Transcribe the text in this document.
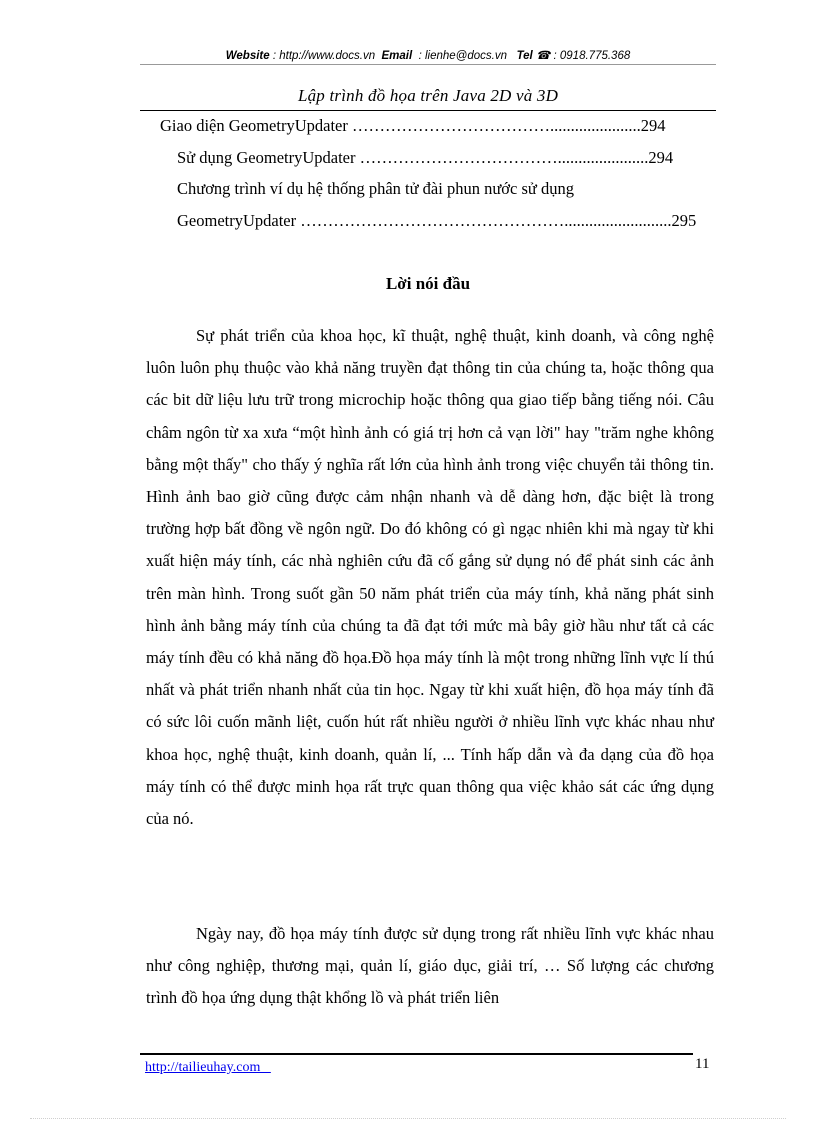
Website : http://www.docs.vn Email : lienhe@docs.vn Tel ☎ : 0918.775.368
Lập trình đồ họa trên Java 2D và 3D
Giao diện GeometryUpdater ………………………………......................294
Sử dụng GeometryUpdater ………………………………......................294
Chương trình ví dụ hệ thống phân tử đài phun nước sử dụng
GeometryUpdater …………………………………………..........................295
Lời nói đầu
Sự phát triển của khoa học, kĩ thuật, nghệ thuật, kinh doanh, và công nghệ luôn luôn phụ thuộc vào khả năng truyền đạt thông tin của chúng ta, hoặc thông qua các bit dữ liệu lưu trữ trong microchip hoặc thông qua giao tiếp bằng tiếng nói. Câu châm ngôn từ xa xưa “một hình ảnh có giá trị hơn cả vạn lời" hay "trăm nghe không bằng một thấy" cho thấy ý nghĩa rất lớn của hình ảnh trong việc chuyển tải thông tin. Hình ảnh bao giờ cũng được cảm nhận nhanh và dễ dàng hơn, đặc biệt là trong trường hợp bất đồng về ngôn ngữ. Do đó không có gì ngạc nhiên khi mà ngay từ khi xuất hiện máy tính, các nhà nghiên cứu đã cố gắng sử dụng nó để phát sinh các ảnh trên màn hình. Trong suốt gần 50 năm phát triển của máy tính, khả năng phát sinh hình ảnh bằng máy tính của chúng ta đã đạt tới mức mà bây giờ hầu như tất cả các máy tính đều có khả năng đồ họa.Đồ họa máy tính là một trong những lĩnh vực lí thú nhất và phát triển nhanh nhất của tin học. Ngay từ khi xuất hiện, đồ họa máy tính đã có sức lôi cuốn mãnh liệt, cuốn hút rất nhiều người ở nhiều lĩnh vực khác nhau như khoa học, nghệ thuật, kinh doanh, quản lí, ... Tính hấp dẫn và đa dạng của đồ họa máy tính có thể được minh họa rất trực quan thông qua việc khảo sát các ứng dụng của nó.
Ngày nay, đồ họa máy tính được sử dụng trong rất nhiều lĩnh vực khác nhau như công nghiệp, thương mại, quản lí, giáo dục, giải trí, … Số lượng các chương trình đồ họa ứng dụng thật khổng lồ và phát triển liên
http://tailieuhay.com	11
